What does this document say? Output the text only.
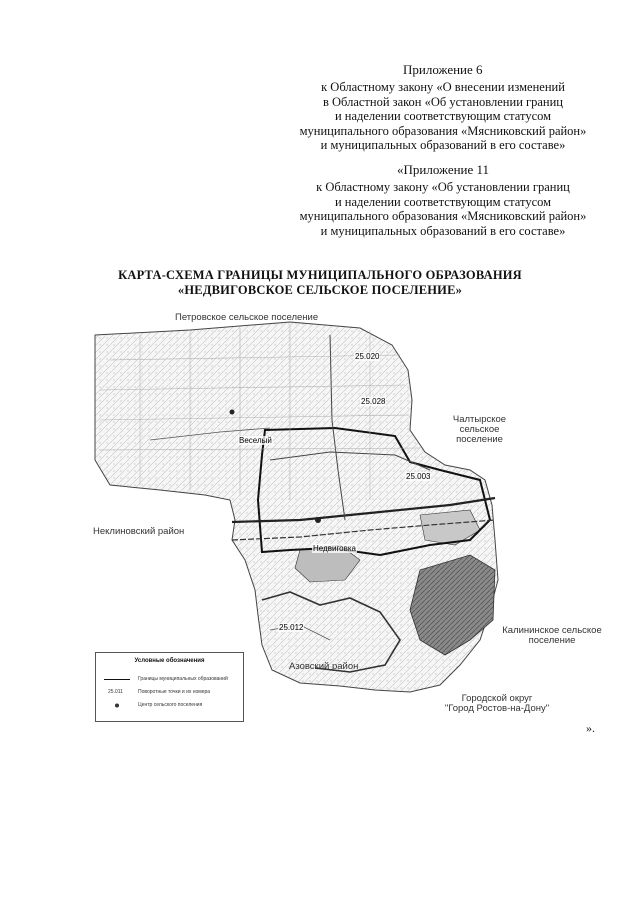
Приложение 6
к Областному закону «О внесении изменений
в Областной закон «Об установлении границ
и наделении соответствующим статусом
муниципального образования «Мясниковский район»
и муниципальных образований в его составе»
«Приложение 11
к Областному закону «Об установлении границ
и наделении соответствующим статусом
муниципального образования «Мясниковский район»
и муниципальных образований в его составе»
КАРТА-СХЕМА ГРАНИЦЫ МУНИЦИПАЛЬНОГО ОБРАЗОВАНИЯ
«НЕДВИГОВСКОЕ СЕЛЬСКОЕ ПОСЕЛЕНИЕ»
Петровское сельское поселение
Чалтырское сельское
поселение
Неклиновский район
Калининское сельское
поселение
Азовский район
Городской округ
"Город Ростов-на-Дону"
Недвиговка
Веселый
25.020
25.028
25.003
25.012
Условные обозначения
Границы муниципальных образований
25.011	Поворотные точки и их номера
Центр сельского поселения
».
